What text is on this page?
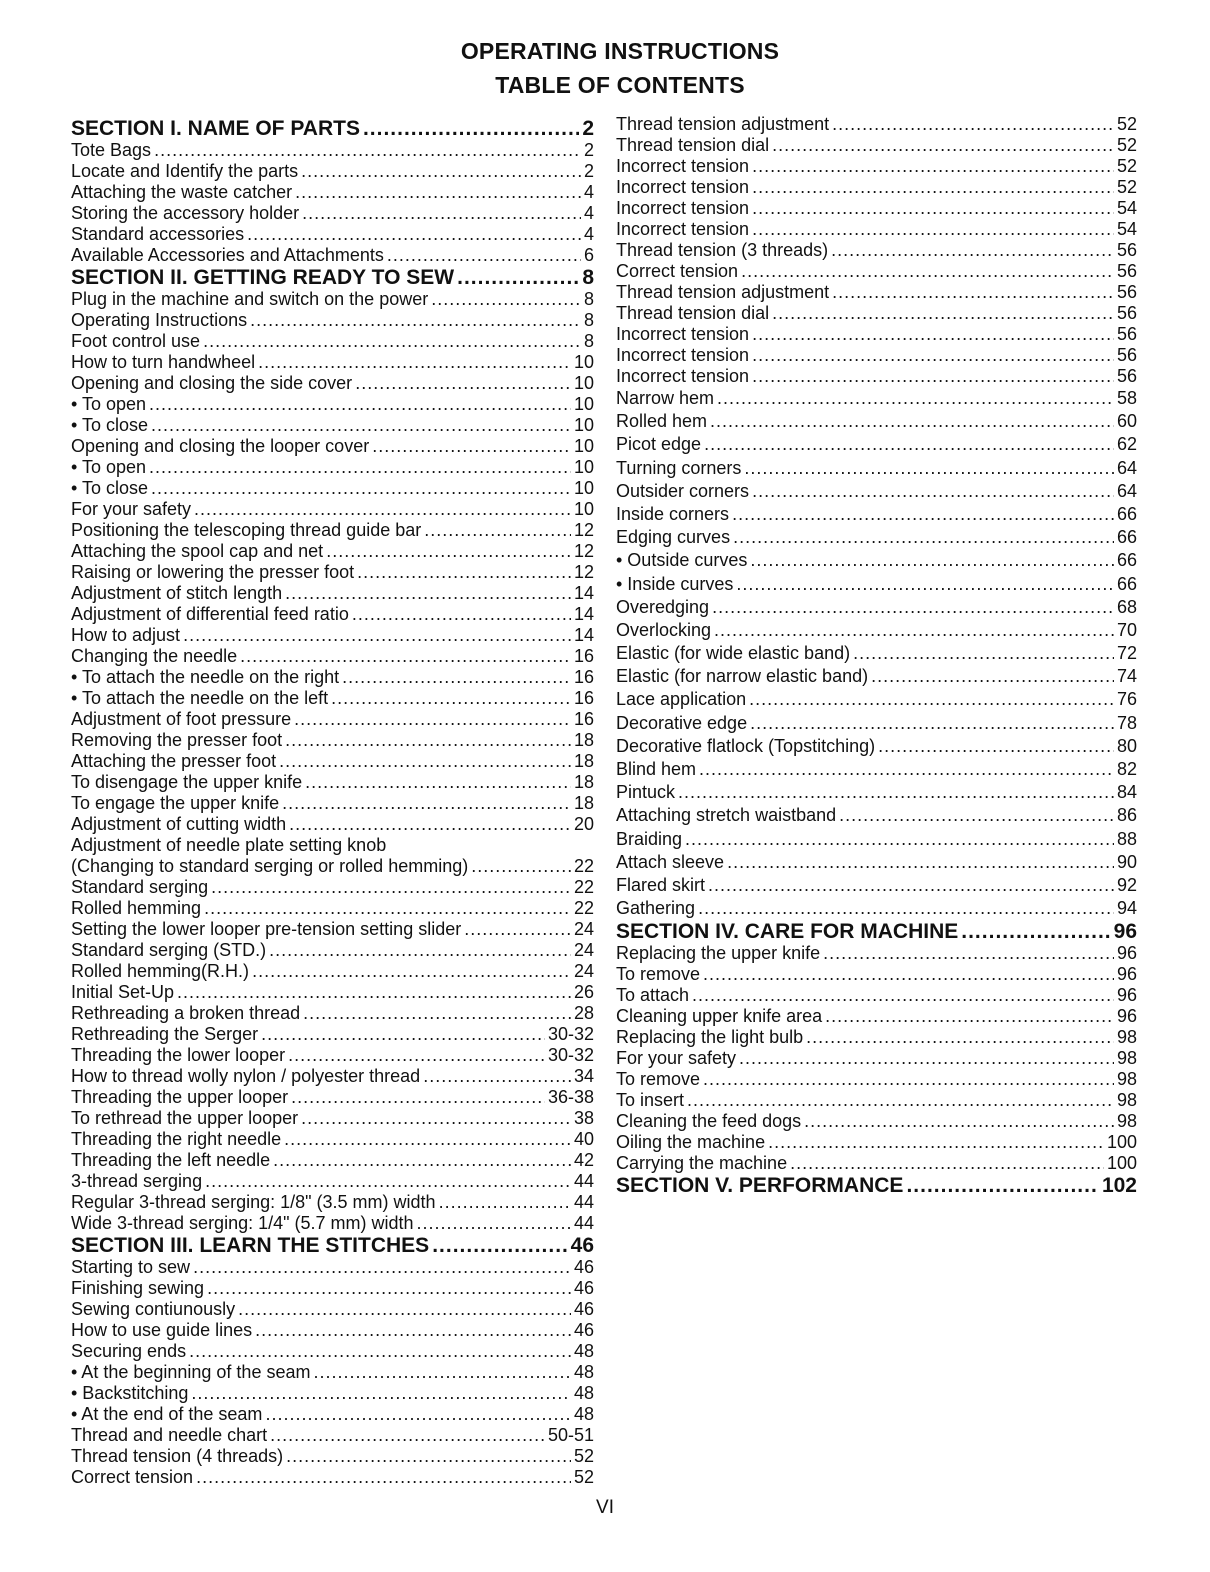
OPERATING INSTRUCTIONS

TABLE OF CONTENTS

SECTION I. NAME OF PARTS .....	2
Tote Bags .....	2
Locate and Identify the parts .....	2
Attaching the waste catcher .....	4
Storing the accessory holder .....	4
Standard accessories .....	4
Available Accessories and Attachments .....	6
SECTION II. GETTING READY TO SEW .....	8
Plug in the machine and switch on the power .....	8
Operating Instructions .....	8
Foot control use .....	8
How to turn handwheel .....	10
Opening and closing the side cover .....	10
• To open .....	10
• To close .....	10
Opening and closing the looper cover .....	10
• To open .....	10
• To close .....	10
For your safety .....	10
Positioning the telescoping thread guide bar .....	12
Attaching the spool cap and net .....	12
Raising or lowering the presser foot .....	12
Adjustment of stitch length .....	14
Adjustment of differential feed ratio .....	14
How to adjust .....	14
Changing the needle .....	16
• To attach the needle on the right .....	16
• To attach the needle on the left .....	16
Adjustment of foot pressure .....	16
Removing the presser foot .....	18
Attaching the presser foot .....	18
To disengage the upper knife .....	18
To engage the upper knife .....	18
Adjustment of cutting width .....	20
Adjustment of needle plate setting knob
(Changing to standard serging or rolled hemming) .....	22
Standard serging .....	22
Rolled hemming .....	22
Setting the lower looper pre-tension setting slider .....	24
Standard serging (STD.) .....	24
Rolled hemming(R.H.) .....	24
Initial Set-Up .....	26
Rethreading a broken thread .....	28
Rethreading the Serger .....	30-32
Threading the lower looper .....	30-32
How to thread wolly nylon / polyester thread .....	34
Threading the upper looper .....	36-38
To rethread the upper looper .....	38
Threading the right needle .....	40
Threading the left needle .....	42
3-thread serging .....	44
Regular 3-thread serging: 1/8" (3.5 mm) width .....	44
Wide 3-thread serging: 1/4" (5.7 mm) width .....	44
SECTION III. LEARN THE STITCHES .....	46
Starting to sew .....	46
Finishing sewing .....	46
Sewing contiunously .....	46
How to use guide lines .....	46
Securing ends .....	48
• At the beginning of the seam .....	48
• Backstitching .....	48
• At the end of the seam .....	48
Thread and needle chart .....	50-51
Thread tension (4 threads) .....	52
Correct tension .....	52
Thread tension adjustment .....	52
Thread tension dial .....	52
Incorrect tension .....	52
Incorrect tension .....	52
Incorrect tension .....	54
Incorrect tension .....	54
Thread tension (3 threads) .....	56
Correct tension .....	56
Thread tension adjustment .....	56
Thread tension dial .....	56
Incorrect tension .....	56
Incorrect tension .....	56
Incorrect tension .....	56
Narrow hem .....	58
Rolled hem .....	60
Picot edge .....	62
Turning corners .....	64
Outsider corners .....	64
Inside corners .....	66
Edging curves .....	66
• Outside curves .....	66
• Inside curves .....	66
Overedging .....	68
Overlocking .....	70
Elastic (for wide elastic band) .....	72
Elastic (for narrow elastic band) .....	74
Lace application .....	76
Decorative edge .....	78
Decorative flatlock (Topstitching) .....	80
Blind hem .....	82
Pintuck .....	84
Attaching stretch waistband .....	86
Braiding .....	88
Attach sleeve .....	90
Flared skirt .....	92
Gathering .....	94
SECTION IV. CARE FOR MACHINE .....	96
Replacing the upper knife .....	96
To remove .....	96
To attach .....	96
Cleaning upper knife area .....	96
Replacing the light bulb .....	98
For your safety .....	98
To remove .....	98
To insert .....	98
Cleaning the feed dogs .....	98
Oiling the machine .....	100
Carrying the machine .....	100
SECTION V. PERFORMANCE .....	102
VI
